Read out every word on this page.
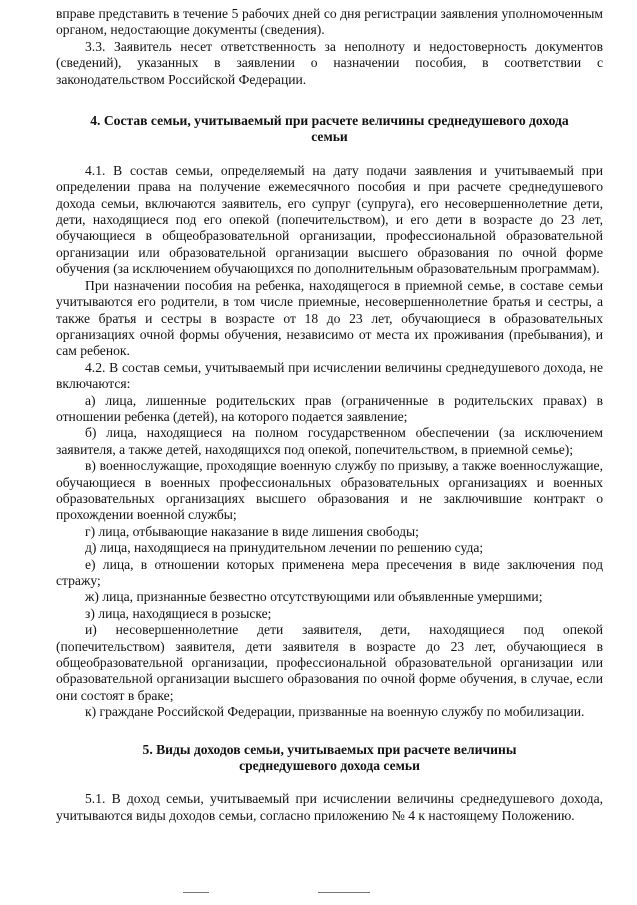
вправе представить в течение 5 рабочих дней со дня регистрации заявления уполномоченным органом, недостающие документы (сведения).

3.3. Заявитель несет ответственность за неполноту и недостоверность документов (сведений), указанных в заявлении о назначении пособия, в соответствии с законодательством Российской Федерации.

4. Состав семьи, учитываемый при расчете величины среднедушевого дохода
семьи

4.1. В состав семьи, определяемый на дату подачи заявления и учитываемый при определении права на получение ежемесячного пособия и при расчете среднедушевого дохода семьи, включаются заявитель, его супруг (супруга), его несовершеннолетние дети, дети, находящиеся под его опекой (попечительством), и его дети в возрасте до 23 лет, обучающиеся в общеобразовательной организации, профессиональной образовательной организации или образовательной организации высшего образования по очной форме обучения (за исключением обучающихся по дополнительным образовательным программам).

При назначении пособия на ребенка, находящегося в приемной семье, в составе семьи учитываются его родители, в том числе приемные, несовершеннолетние братья и сестры, а также братья и сестры в возрасте от 18 до 23 лет, обучающиеся в образовательных организациях очной формы обучения, независимо от места их проживания (пребывания), и сам ребенок.

4.2. В состав семьи, учитываемый при исчислении величины среднедушевого дохода, не включаются:

а) лица, лишенные родительских прав (ограниченные в родительских правах) в отношении ребенка (детей), на которого подается заявление;

б) лица, находящиеся на полном государственном обеспечении (за исключением заявителя, а также детей, находящихся под опекой, попечительством, в приемной семье);

в) военнослужащие, проходящие военную службу по призыву, а также военнослужащие, обучающиеся в военных профессиональных образовательных организациях и военных образовательных организациях высшего образования и не заключившие контракт о прохождении военной службы;

г) лица, отбывающие наказание в виде лишения свободы;

д) лица, находящиеся на принудительном лечении по решению суда;

е) лица, в отношении которых применена мера пресечения в виде заключения под стражу;

ж) лица, признанные безвестно отсутствующими или объявленные умершими;

з) лица, находящиеся в розыске;

и) несовершеннолетние дети заявителя, дети, находящиеся под опекой (попечительством) заявителя, дети заявителя в возрасте до 23 лет, обучающиеся в общеобразовательной организации, профессиональной образовательной организации или образовательной организации высшего образования по очной форме обучения, в случае, если они состоят в браке;

к) граждане Российской Федерации, призванные на военную службу по мобилизации.

5. Виды доходов семьи, учитываемых при расчете величины
среднедушевого дохода семьи

5.1. В доход семьи, учитываемый при исчислении величины среднедушевого дохода, учитываются виды доходов семьи, согласно приложению № 4 к настоящему Положению.
